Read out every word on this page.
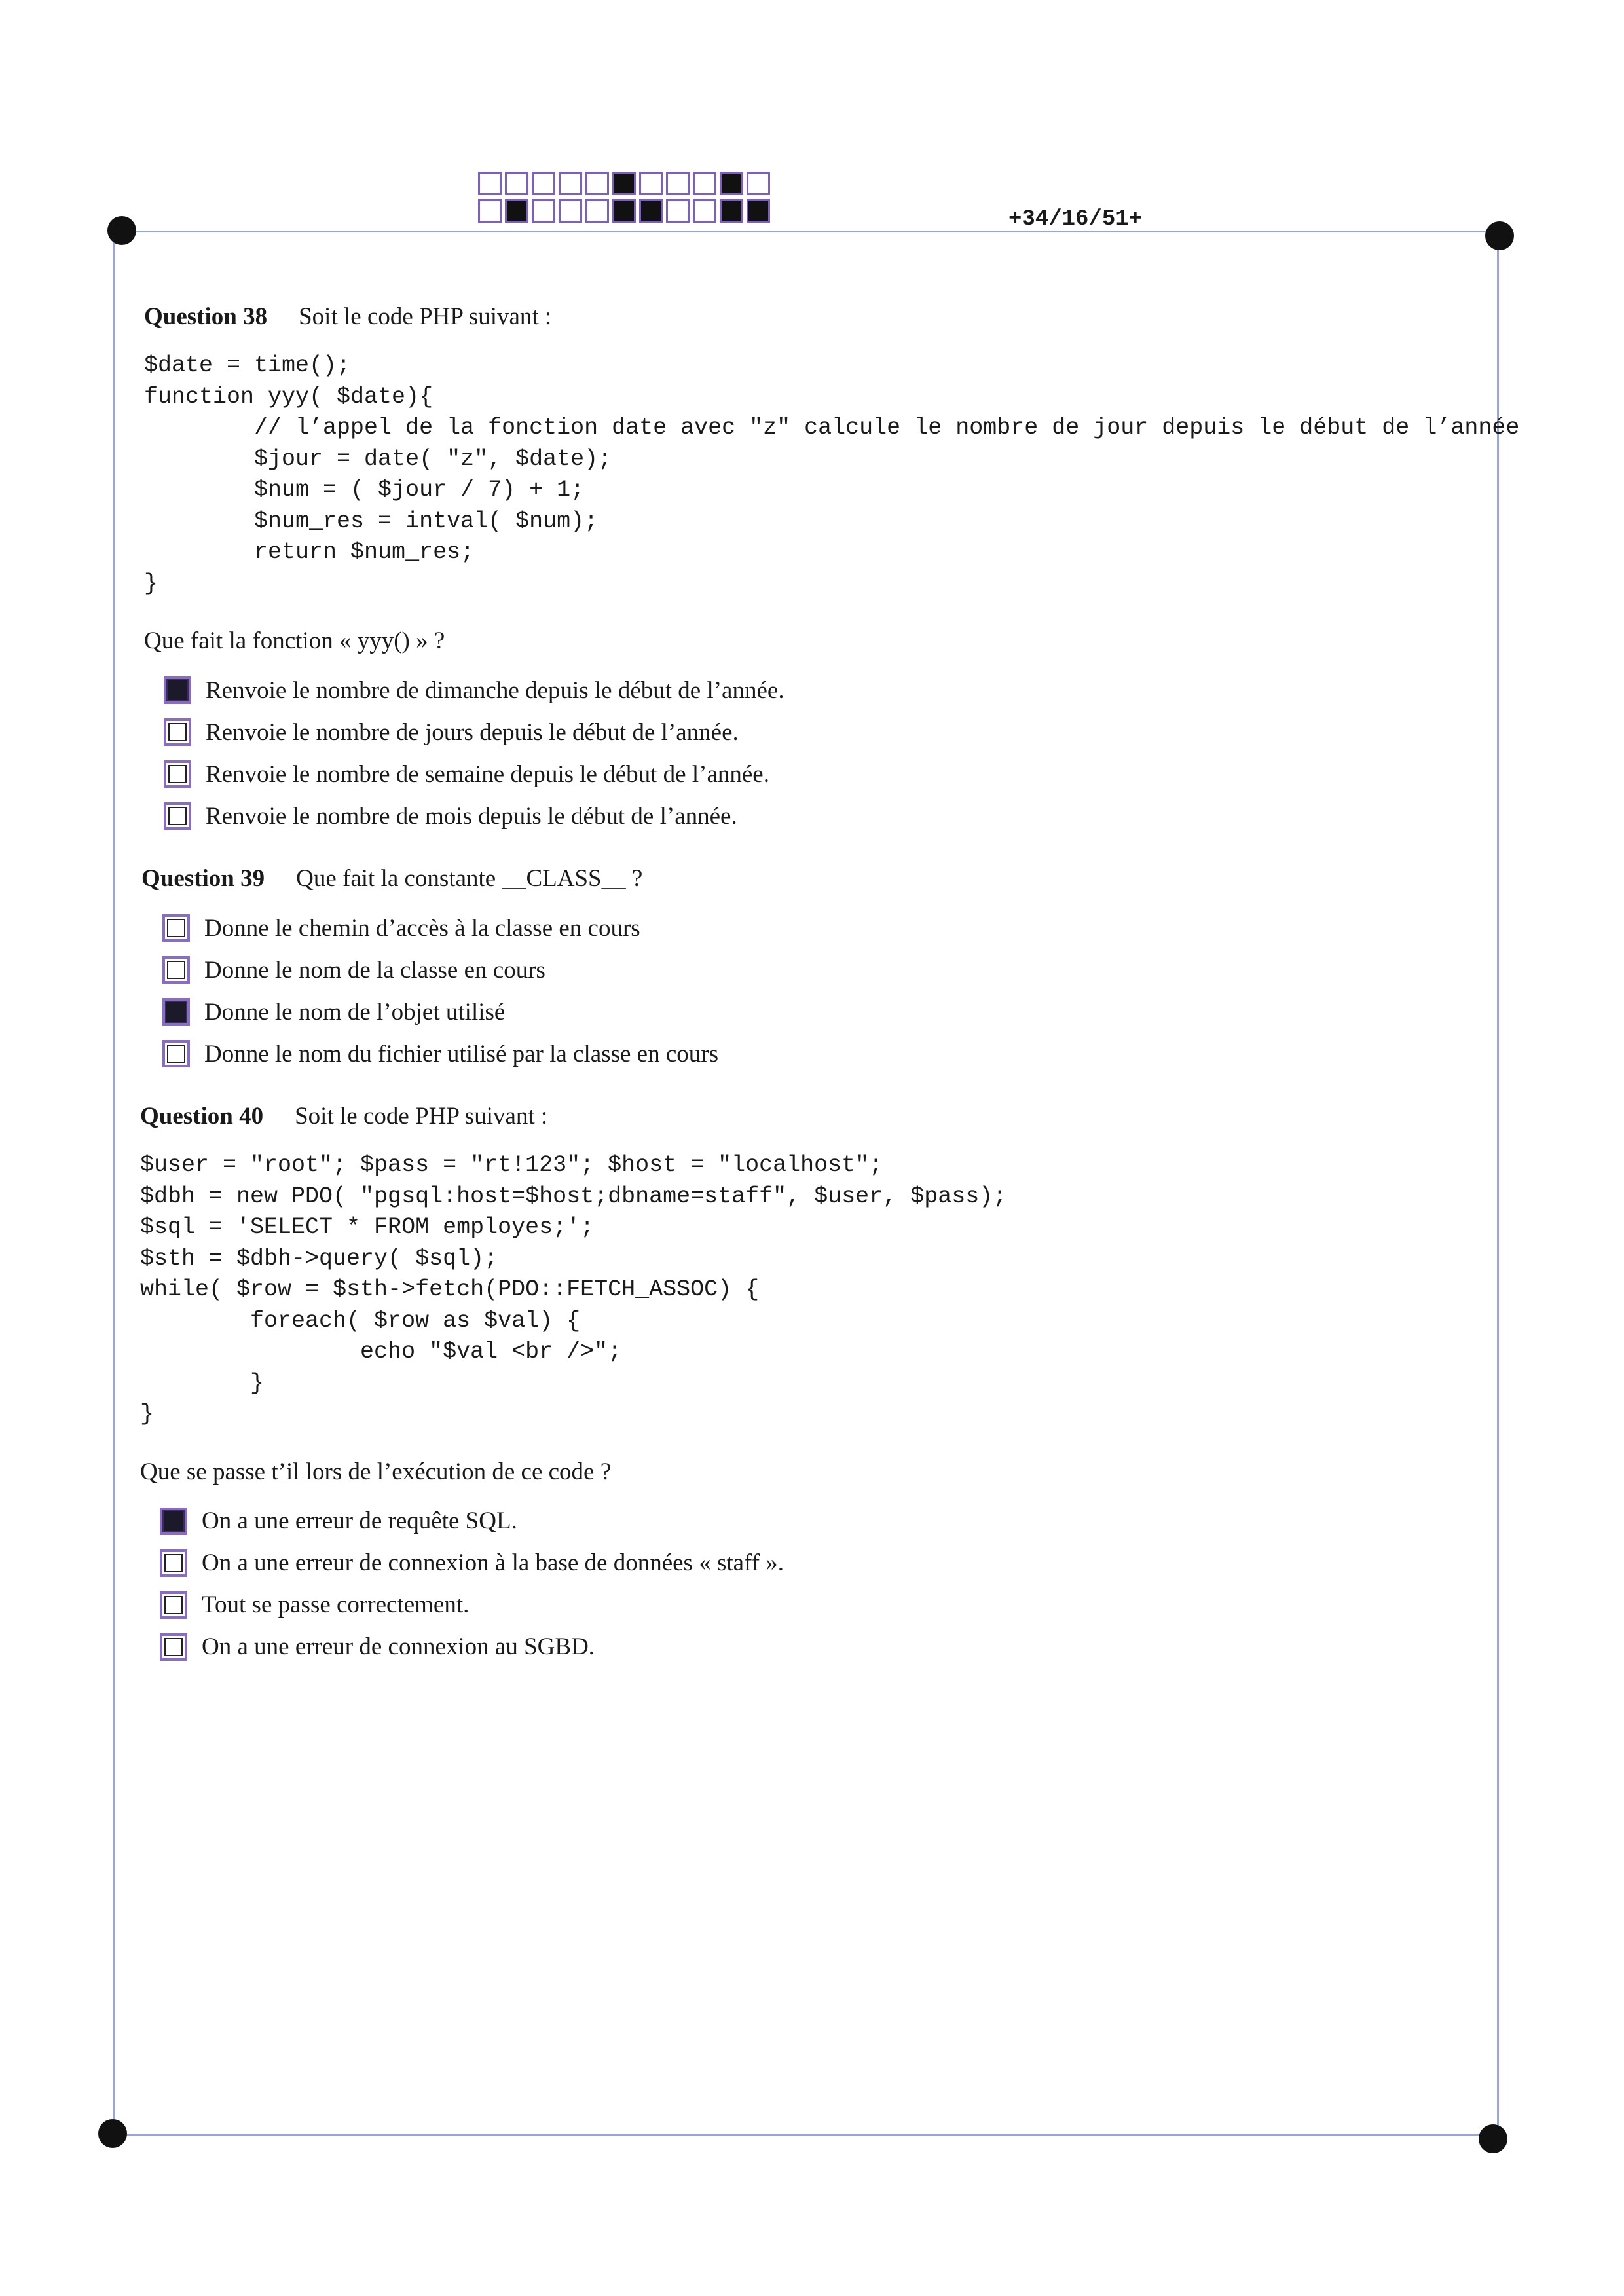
+34/16/51+
Question 38 Soit le code PHP suivant :
$date = time();
function yyy( $date){
// l’appel de la fonction date avec "z" calcule le nombre de jour depuis le début de l’année
$jour = date( "z", $date);
$num = ( $jour / 7) + 1;
$num_res = intval( $num);
return $num_res;
}
Que fait la fonction « yyy() » ?
Renvoie le nombre de dimanche depuis le début de l’année.
Renvoie le nombre de jours depuis le début de l’année.
Renvoie le nombre de semaine depuis le début de l’année.
Renvoie le nombre de mois depuis le début de l’année.
Question 39 Que fait la constante __CLASS__ ?
Donne le chemin d’accès à la classe en cours
Donne le nom de la classe en cours
Donne le nom de l’objet utilisé
Donne le nom du fichier utilisé par la classe en cours
Question 40 Soit le code PHP suivant :
$user = "root"; $pass = "rt!123"; $host = "localhost";
$dbh = new PDO( "pgsql:host=$host;dbname=staff", $user, $pass);
$sql = 'SELECT * FROM employes;';
$sth = $dbh->query( $sql);
while( $row = $sth->fetch(PDO::FETCH_ASSOC) {
foreach( $row as $val) {
echo "$val <br />";
}
}
Que se passe t’il lors de l’exécution de ce code ?
On a une erreur de requête SQL.
On a une erreur de connexion à la base de données « staff ».
Tout se passe correctement.
On a une erreur de connexion au SGBD.
